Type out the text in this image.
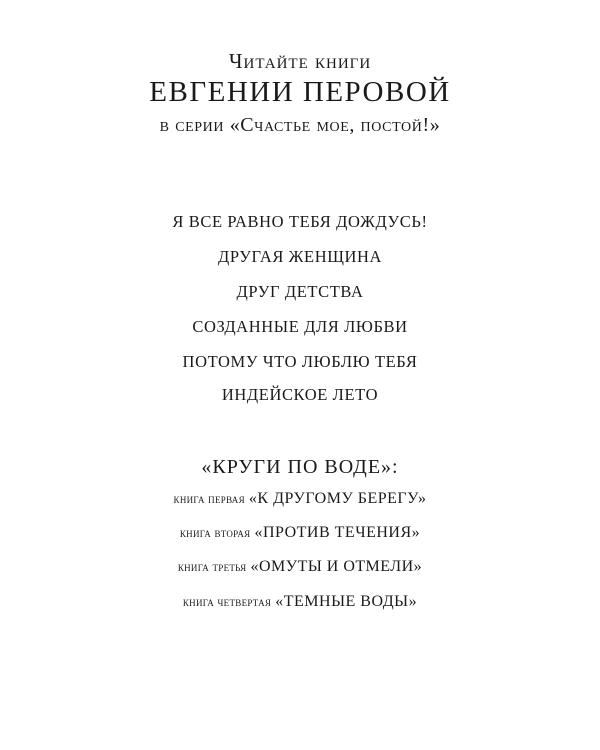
Читайте книги
ЕВГЕНИИ ПЕРОВОЙ
в серии «Счастье мое, постой!»
Я ВСЕ РАВНО ТЕБЯ ДОЖДУСЬ!
ДРУГАЯ ЖЕНЩИНА
ДРУГ ДЕТСТВА
СОЗДАННЫЕ ДЛЯ ЛЮБВИ
ПОТОМУ ЧТО ЛЮБЛЮ ТЕБЯ
ИНДЕЙСКОЕ ЛЕТО
«КРУГИ ПО ВОДЕ»:
книга первая «К ДРУГОМУ БЕРЕГУ»
книга вторая «ПРОТИВ ТЕЧЕНИЯ»
книга третья «ОМУТЫ И ОТМЕЛИ»
книга четвертая «ТЕМНЫЕ ВОДЫ»
